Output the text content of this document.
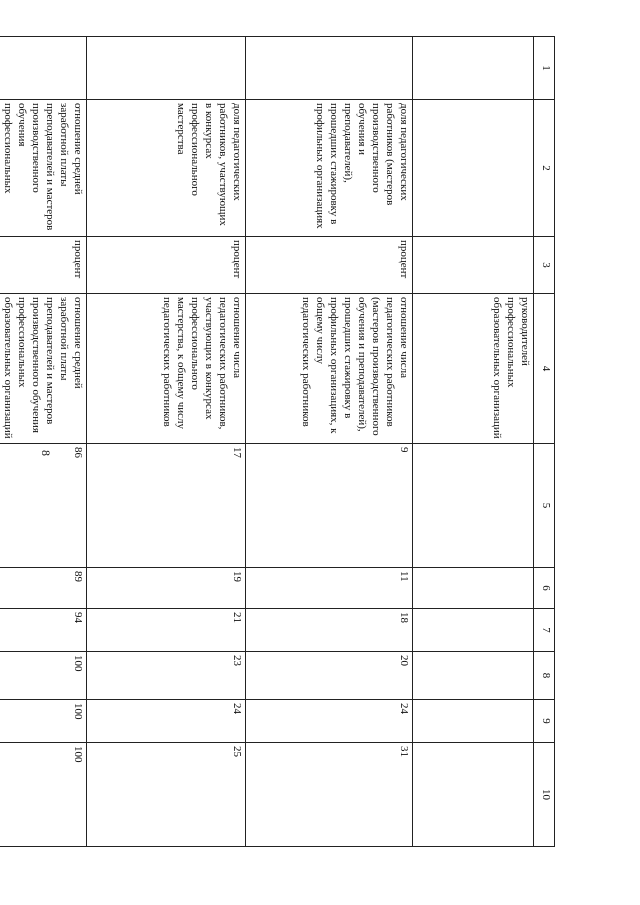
8
1	2	3	4	5	6	7	8	9	10
			руководителей профессиональных образовательных организаций						
	доля педагогических работников (мастеров производственного обучения и преподавателей), прошедших стажировку в профильных организациях	процент	отношение числа педагогических работников (мастеров производственного обучения и преподавателей), прошедших стажировку в профильных организациях, к общему числу педагогических работников	9	11	18	20	24	31
	доля педагогических работников, участвующих в конкурсах профессионального мастерства	процент	отношение числа педагогических работников, участвующих в конкурсах профессионального мастерства, к общему числу педагогических работников	17	19	21	23	24	25
	отношение средней заработной платы преподавателей и мастеров производственного обучения профессиональных	процент	отношение средней заработной платы преподавателей и мастеров производственного обучения профессиональных образовательных организаций	86	89	94	100	100	100
